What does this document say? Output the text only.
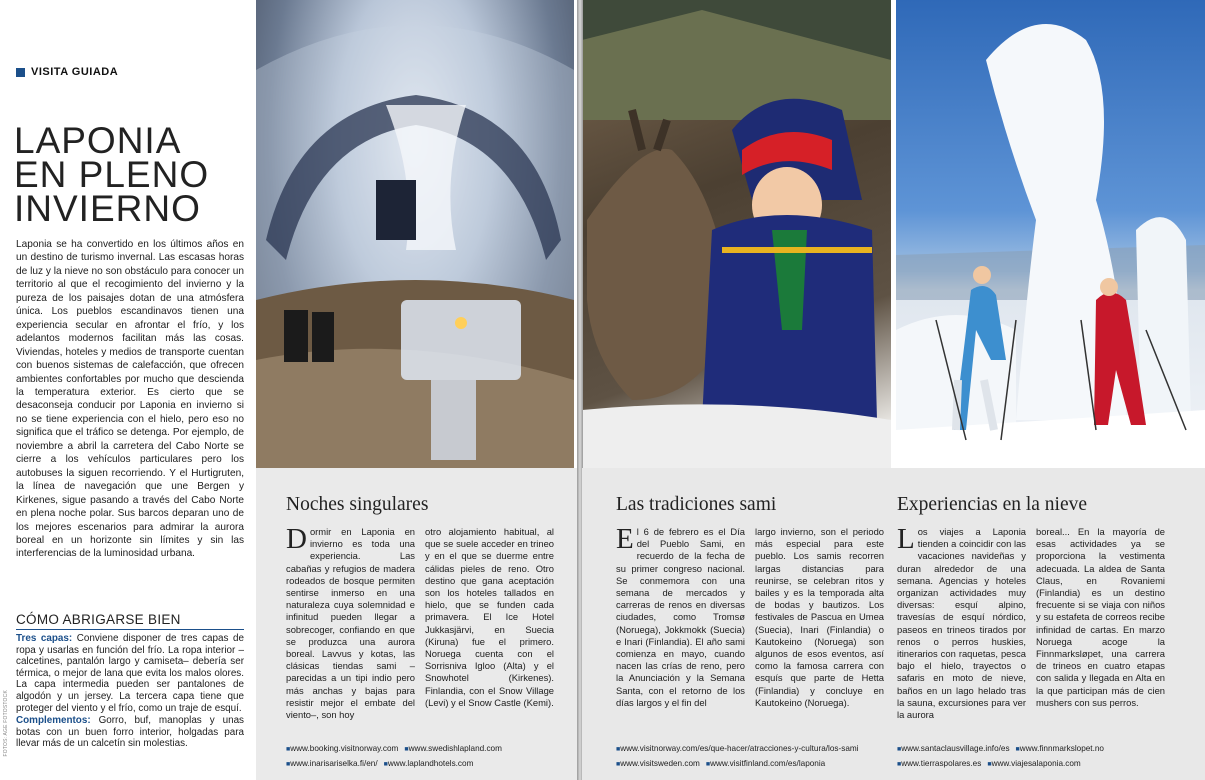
VISITA GUIADA
LAPONIA
EN PLENO
INVIERNO

Laponia se ha convertido en los últimos años en un destino de turismo invernal. Las escasas horas de luz y la nieve no son obstáculo para conocer un territorio al que el recogimiento del invierno y la pureza de los paisajes dotan de una atmósfera única. Los pueblos escandinavos tienen una experiencia secular en afrontar el frío, y los adelantos modernos facilitan más las cosas. Viviendas, hoteles y medios de transporte cuentan con buenos sistemas de calefacción, que ofrecen ambientes confortables por mucho que descienda la temperatura exterior. Es cierto que se desaconseja conducir por Laponia en invierno si no se tiene experiencia con el hielo, pero eso no significa que el tráfico se detenga. Por ejemplo, de noviembre a abril la carretera del Cabo Norte se cierre a los vehículos particulares pero los autobuses la siguen recorriendo. Y el Hurtigruten, la línea de navegación que une Bergen y Kirkenes, sigue pasando a través del Cabo Norte en plena noche polar. Sus barcos deparan uno de los mejores escenarios para admirar la aurora boreal en un horizonte sin límites y sin las interferencias de la luminosidad urbana.

CÓMO ABRIGARSE BIEN

Tres capas: Conviene disponer de tres capas de ropa y usarlas en función del frío. La ropa interior –calcetines, pantalón largo y camiseta– debería ser térmica, o mejor de lana que evita los malos olores. La capa intermedia pueden ser pantalones de algodón y un jersey. La tercera capa tiene que proteger del viento y el frío, como un traje de esquí.

Complementos: Gorro, buf, manoplas y unas botas con un buen forro interior, holgadas para llevar más de un calcetín sin molestias.

FOTOS: AGE FOTOSTOCK
Noches singulares
Dormir en Laponia en invierno es toda una experiencia. Las cabañas y refugios de madera rodeados de bosque permiten sentirse inmerso en una naturaleza cuya solemnidad e infinitud pueden llegar a sobrecoger, confiando en que se produzca una aurora boreal. Lavvus y kotas, las clásicas tiendas sami –parecidas a un tipi indio pero más anchas y bajas para resistir mejor el embate del viento–, son hoy
otro alojamiento habitual, al que se suele acceder en trineo y en el que se duerme entre cálidas pieles de reno. Otro destino que gana aceptación son los hoteles tallados en hielo, que se funden cada primavera. El Ice Hotel Jukkasjärvi, en Suecia (Kiruna) fue el primero. Noruega cuenta con el Sorrisniva Igloo (Alta) y el Snowhotel (Kirkenes). Finlandia, con el Snow Village (Levi) y el Snow Castle (Kemi).
■ www.booking.visitnorway.com	■ www.swedishlapland.com
■ www.inarisariselka.fi/en/	■ www.laplandhotels.com
Las tradiciones sami
El 6 de febrero es el Día del Pueblo Sami, en recuerdo de la fecha de su primer congreso nacional. Se conmemora con una semana de mercados y carreras de renos en diversas ciudades, como Tromsø (Noruega), Jokkmokk (Suecia) e Inari (Finlandia). El año sami comienza en mayo, cuando nacen las crías de reno, pero la Anunciación y la Semana Santa, con el retorno de los días largos y el fin del
largo invierno, son el periodo más especial para este pueblo. Los samis recorren largas distancias para reunirse, se celebran ritos y bailes y es la temporada alta de bodas y bautizos. Los festivales de Pascua en Umea (Suecia), Inari (Finlandia) o Kautokeino (Noruega) son algunos de esos eventos, así como la famosa carrera con esquís que parte de Hetta (Finlandia) y concluye en Kautokeino (Noruega).
■ www.visitnorway.com/es/que-hacer/atracciones-y-cultura/los-sami
■ www.visitsweden.com	■ www.visitfinland.com/es/laponia
Experiencias en la nieve
Los viajes a Laponia tienden a coincidir con las vacaciones navideñas y duran alrededor de una semana. Agencias y hoteles organizan actividades muy diversas: esquí alpino, travesías de esquí nórdico, paseos en trineos tirados por renos o perros huskies, itinerarios con raquetas, pesca bajo el hielo, trayectos o safaris en moto de nieve, baños en un lago helado tras la sauna, excursiones para ver la aurora
boreal... En la mayoría de esas actividades ya se proporciona la vestimenta adecuada. La aldea de Santa Claus, en Rovaniemi (Finlandia) es un destino frecuente si se viaja con niños y su estafeta de correos recibe infinidad de cartas. En marzo Noruega acoge la Finnmarksløpet, una carrera de trineos en cuatro etapas con salida y llegada en Alta en la que participan más de cien mushers con sus perros.
■ www.santaclausvillage.info/es	■ www.finnmarkslopet.no
■ www.tierraspolares.es	■ www.viajesalaponia.com
